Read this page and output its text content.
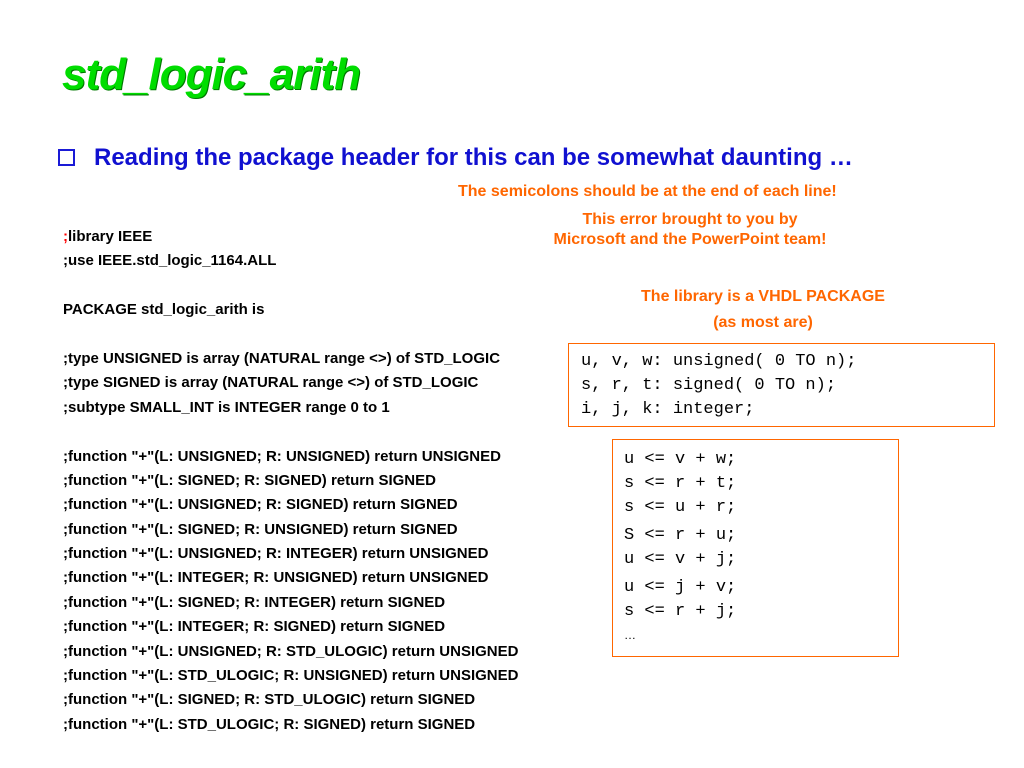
std_logic_arith
Reading the package header for this can be somewhat daunting …
The semicolons should be at the end of each line!
This error brought to you by
Microsoft and the PowerPoint team!
The library is a VHDL PACKAGE
(as most are)
;library IEEE
;use IEEE.std_logic_1164.ALL
PACKAGE std_logic_arith is
;type UNSIGNED is array (NATURAL range <>) of STD_LOGIC
;type SIGNED is array (NATURAL range <>) of STD_LOGIC
;subtype SMALL_INT is INTEGER range 0 to 1
;function "+"(L: UNSIGNED; R: UNSIGNED) return UNSIGNED
;function "+"(L: SIGNED; R: SIGNED) return SIGNED
;function "+"(L: UNSIGNED; R: SIGNED) return SIGNED
;function "+"(L: SIGNED; R: UNSIGNED) return SIGNED
;function "+"(L: UNSIGNED; R: INTEGER) return UNSIGNED
;function "+"(L: INTEGER; R: UNSIGNED) return UNSIGNED
;function "+"(L: SIGNED; R: INTEGER) return SIGNED
;function "+"(L: INTEGER; R: SIGNED) return SIGNED
;function "+"(L: UNSIGNED; R: STD_ULOGIC) return UNSIGNED
;function "+"(L: STD_ULOGIC; R: UNSIGNED) return UNSIGNED
;function "+"(L: SIGNED; R: STD_ULOGIC) return SIGNED
;function "+"(L: STD_ULOGIC; R: SIGNED) return SIGNED
u, v, w: unsigned( 0 TO n);
s, r, t: signed( 0 TO n);
i, j, k: integer;
u <= v + w;
s <= r + t;
s <= u + r;
S <= r + u;
u <= v + j;
u <= j + v;
s <= r + j;
…
